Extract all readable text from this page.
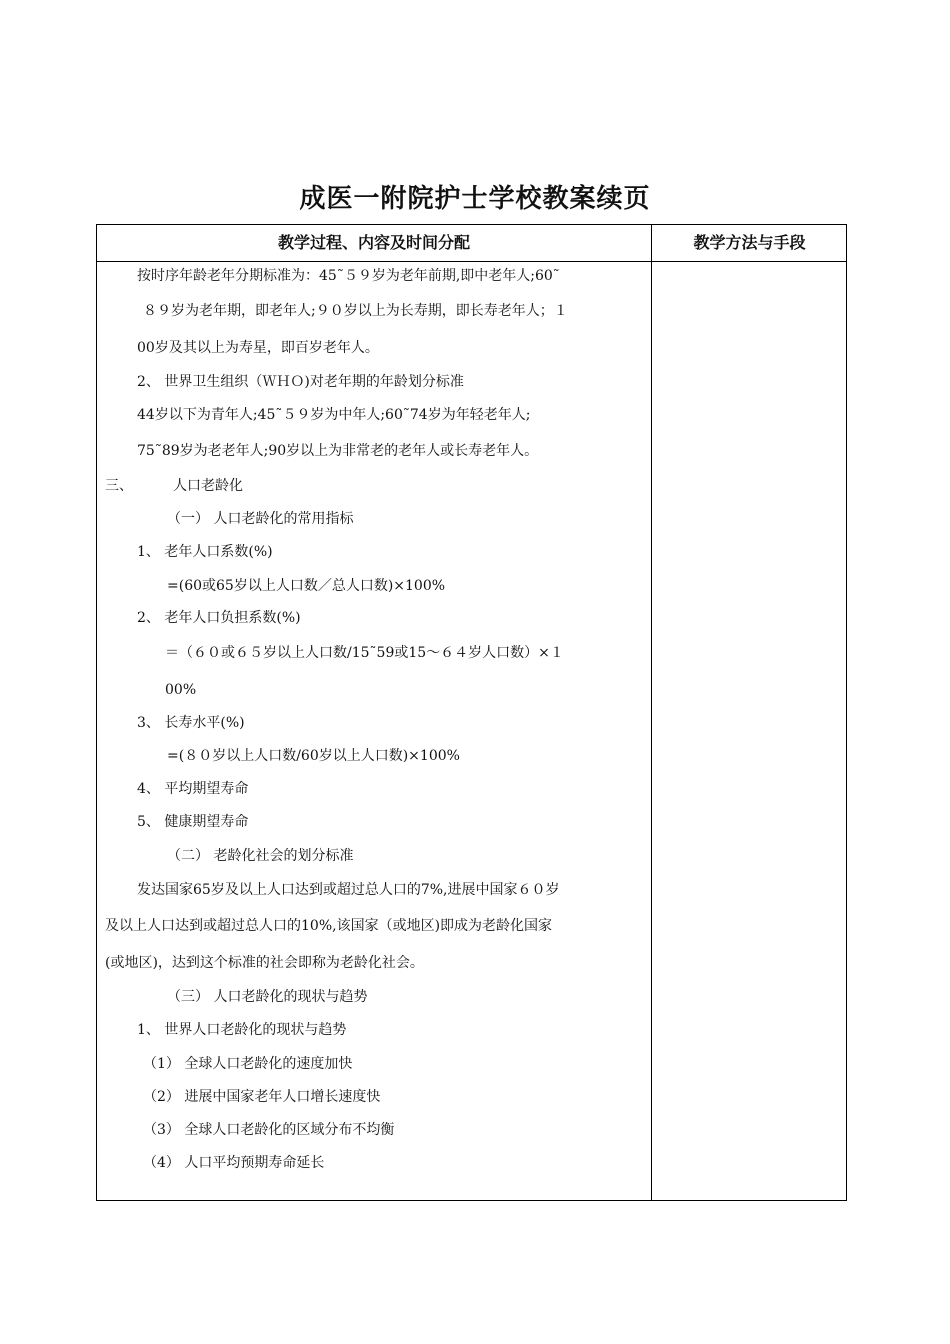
成医一附院护士学校教案续页
教学过程、内容及时间分配	教学方法与手段
按时序年龄老年分期标准为：45˜５９岁为老年前期,即中老年人;60˜
８９岁为老年期，即老年人;９０岁以上为长寿期，即长寿老年人；１
00岁及其以上为寿星，即百岁老年人。
2、 世界卫生组织（ＷＨＯ)对老年期的年龄划分标准
44岁以下为青年人;45˜５９岁为中年人;60˜74岁为年轻老年人;
75˜89岁为老老年人;90岁以上为非常老的老年人或长寿老年人。
三、	人口老龄化
（一） 人口老龄化的常用指标
1、 老年人口系数(%)
=(60或65岁以上人口数／总人口数)×100%
2、 老年人口负担系数(%)
＝（６０或６５岁以上人口数/15˜59或15～６４岁人口数）×１
00%
3、 长寿水平(%)
=(８０岁以上人口数/60岁以上人口数)×100%
4、 平均期望寿命
5、 健康期望寿命
（二） 老龄化社会的划分标准
发达国家65岁及以上人口达到或超过总人口的7%,进展中国家６０岁
及以上人口达到或超过总人口的10%,该国家（或地区)即成为老龄化国家
(或地区)，达到这个标准的社会即称为老龄化社会。
（三） 人口老龄化的现状与趋势
1、 世界人口老龄化的现状与趋势
（1） 全球人口老龄化的速度加快
（2） 进展中国家老年人口增长速度快
（3） 全球人口老龄化的区域分布不均衡
（4） 人口平均预期寿命延长
